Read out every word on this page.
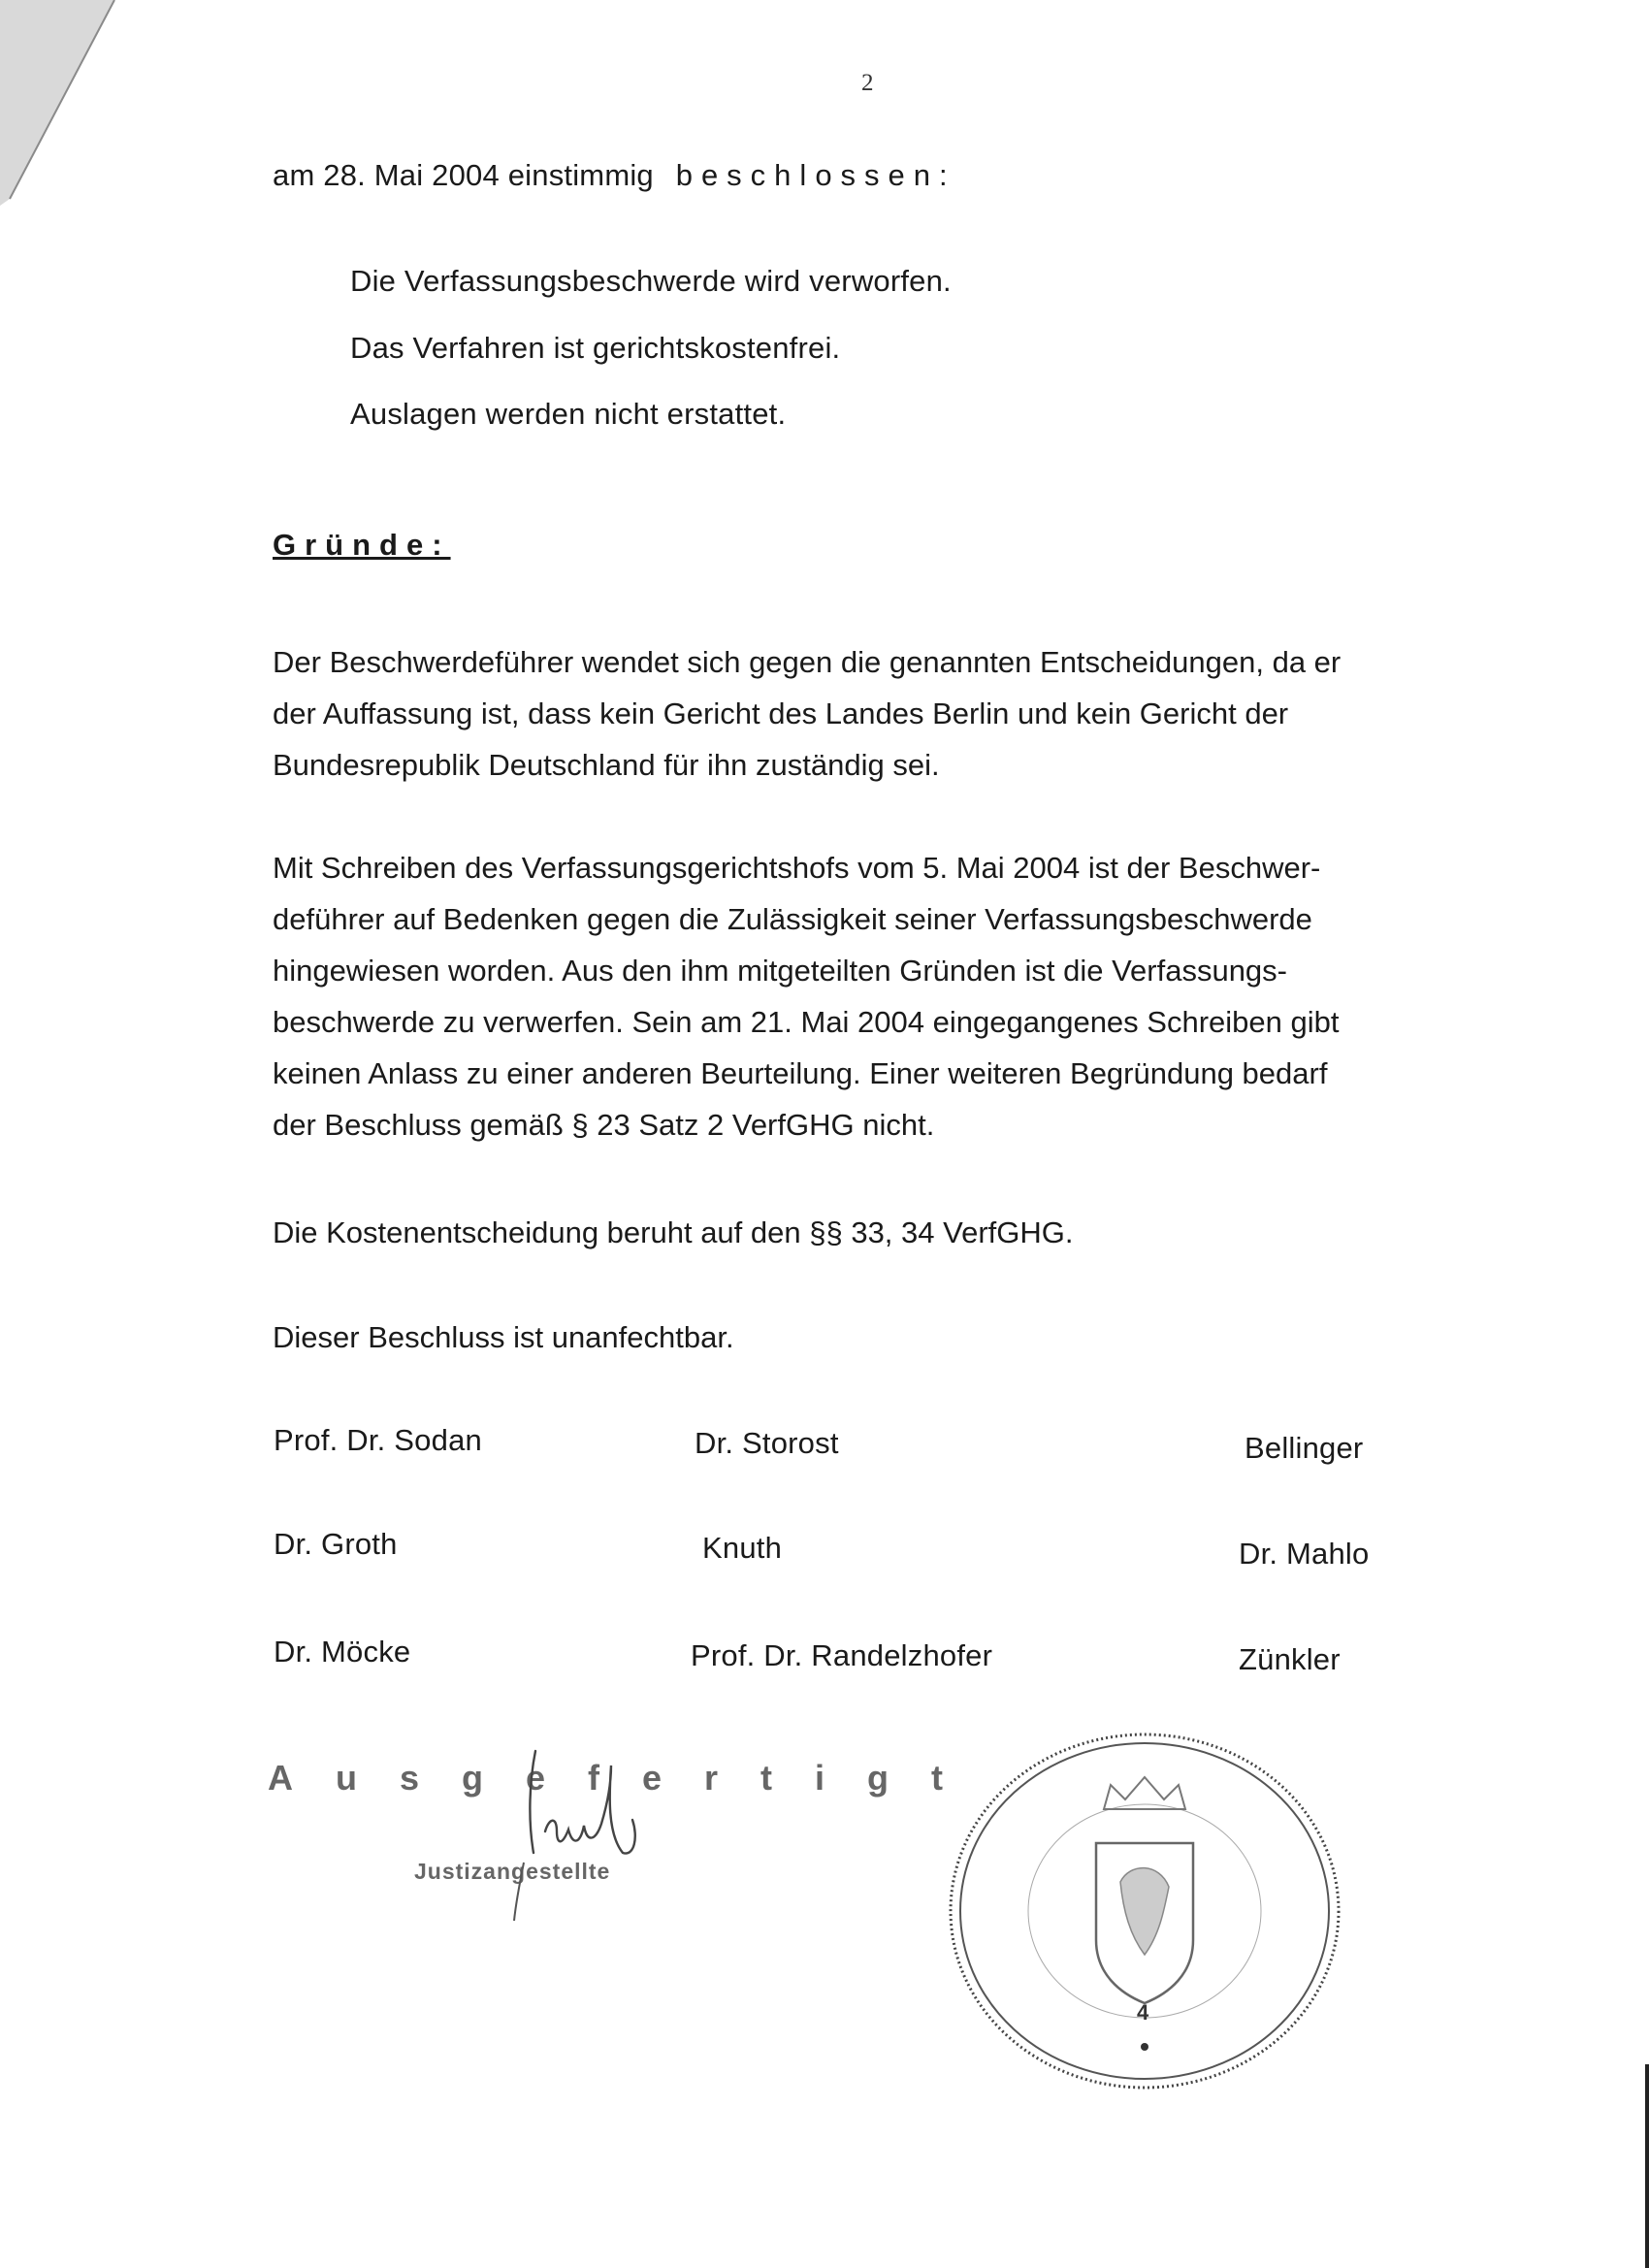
2
am 28. Mai 2004 einstimmig beschlossen:
Die Verfassungsbeschwerde wird verworfen.
Das Verfahren ist gerichtskostenfrei.
Auslagen werden nicht erstattet.
Gründe:
Der Beschwerdeführer wendet sich gegen die genannten Entscheidungen, da er
der Auffassung ist, dass kein Gericht des Landes Berlin und kein Gericht der
Bundesrepublik Deutschland für ihn zuständig sei.
Mit Schreiben des Verfassungsgerichtshofs vom 5. Mai 2004 ist der Beschwer-
deführer auf Bedenken gegen die Zulässigkeit seiner Verfassungsbeschwerde
hingewiesen worden. Aus den ihm mitgeteilten Gründen ist die Verfassungs-
beschwerde zu verwerfen. Sein am 21. Mai 2004 eingegangenes Schreiben gibt
keinen Anlass zu einer anderen Beurteilung. Einer weiteren Begründung bedarf
der Beschluss gemäß § 23 Satz 2 VerfGHG nicht.
Die Kostenentscheidung beruht auf den §§ 33, 34 VerfGHG.
Dieser Beschluss ist unanfechtbar.
Prof. Dr. Sodan	Dr. Storost	Bellinger
Dr. Groth	Knuth	Dr. Mahlo
Dr. Möcke	Prof. Dr. Randelzhofer	Zünkler
Ausgefertigt
Justizangestellte
4
